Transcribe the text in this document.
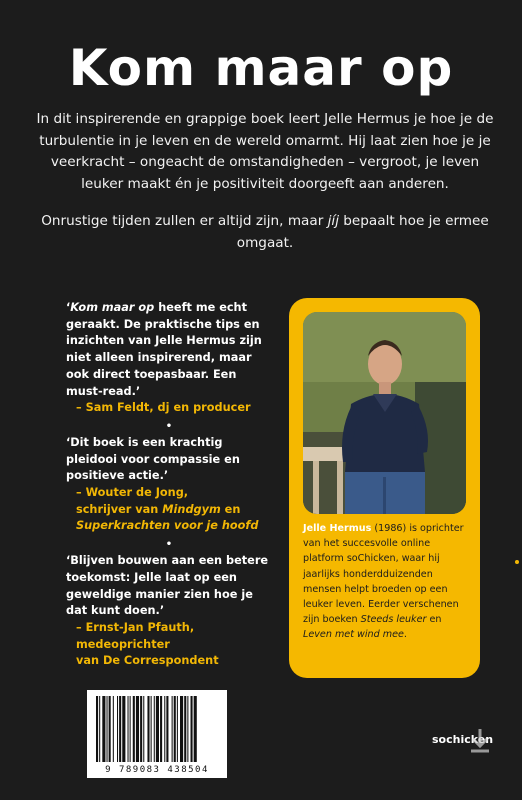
Kom maar op

In dit inspirerende en grappige boek leert Jelle Hermus je hoe je de turbulentie in je leven en de wereld omarmt. Hij laat zien hoe je je veerkracht – ongeacht de omstandigheden – vergroot, je leven leuker maakt én je positiviteit doorgeeft aan anderen.

Onrustige tijden zullen er altijd zijn, maar jíj bepaalt hoe je ermee omgaat.

‘Kom maar op heeft me echt geraakt. De praktische tips en inzichten van Jelle Hermus zijn niet alleen inspirerend, maar ook direct toepasbaar. Een must-read.’

– Sam Feldt, dj en producer
•

‘Dit boek is een krachtig pleidooi voor compassie en positieve actie.’

– Wouter de Jong,
schrijver van Mindgym en
Superkrachten voor je hoofd
•

‘Blijven bouwen aan een betere toekomst: Jelle laat op een geweldige manier zien hoe je dat kunt doen.’

– Ernst-Jan Pfauth, medeoprichter
van De Correspondent
Jelle Hermus (1986) is oprichter van het succesvolle online platform soChicken, waar hij jaarlijks honderdduizenden mensen helpt broeden op een leuker leven. Eerder verschenen zijn boeken Steeds leuker en Leven met wind mee.
9 789083 438504
sochicken
